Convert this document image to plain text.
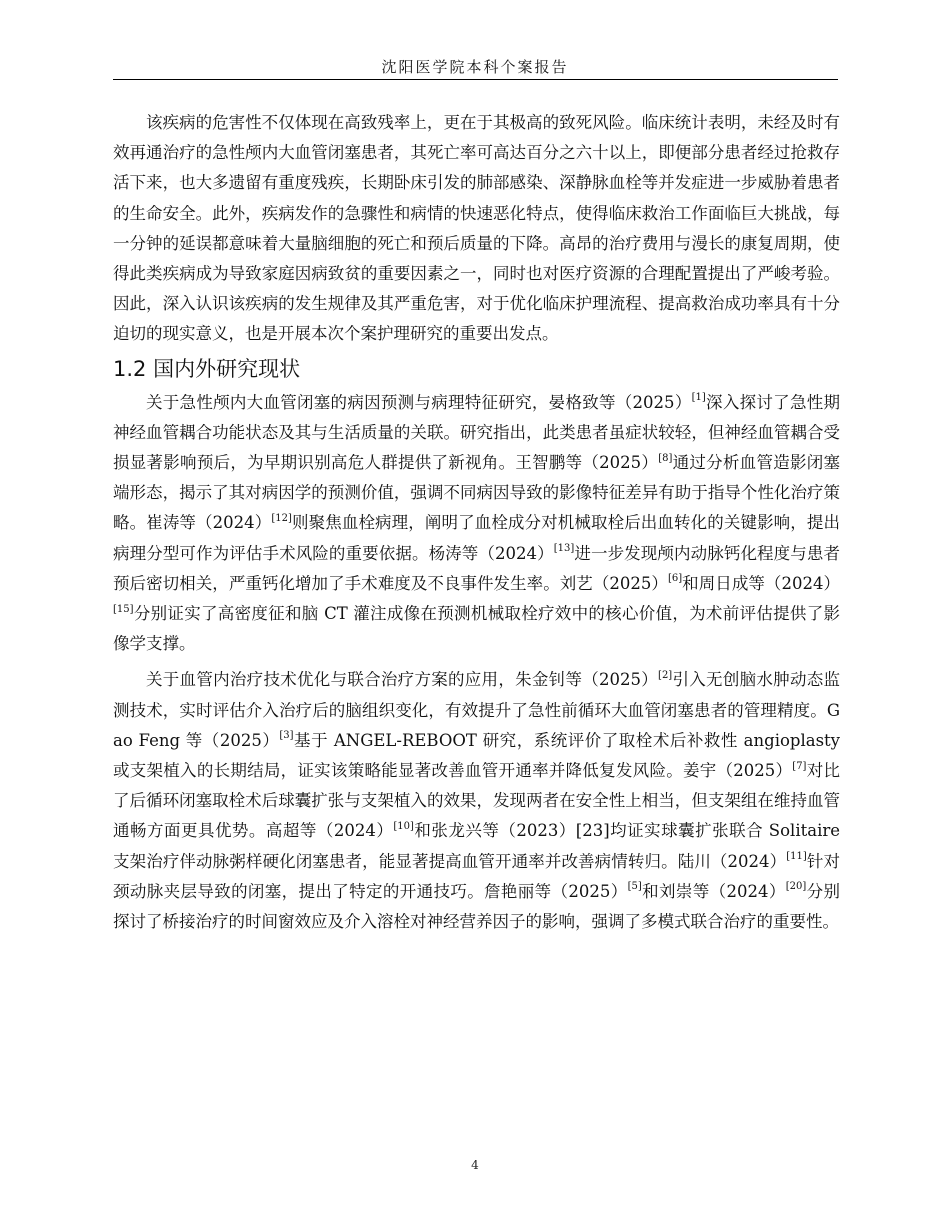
沈阳医学院本科个案报告

该疾病的危害性不仅体现在高致残率上，更在于其极高的致死风险。临床统计表明，未经及时有效再通治疗的急性颅内大血管闭塞患者，其死亡率可高达百分之六十以上，即便部分患者经过抢救存活下来，也大多遗留有重度残疾，长期卧床引发的肺部感染、深静脉血栓等并发症进一步威胁着患者的生命安全。此外，疾病发作的急骤性和病情的快速恶化特点，使得临床救治工作面临巨大挑战，每一分钟的延误都意味着大量脑细胞的死亡和预后质量的下降。高昂的治疗费用与漫长的康复周期，使得此类疾病成为导致家庭因病致贫的重要因素之一，同时也对医疗资源的合理配置提出了严峻考验。因此，深入认识该疾病的发生规律及其严重危害，对于优化临床护理流程、提高救治成功率具有十分迫切的现实意义，也是开展本次个案护理研究的重要出发点。

1.2 国内外研究现状

关于急性颅内大血管闭塞的病因预测与病理特征研究，晏格致等（2025）[1]深入探讨了急性期神经血管耦合功能状态及其与生活质量的关联。研究指出，此类患者虽症状较轻，但神经血管耦合受损显著影响预后，为早期识别高危人群提供了新视角。王智鹏等（2025）[8]通过分析血管造影闭塞端形态，揭示了其对病因学的预测价值，强调不同病因导致的影像特征差异有助于指导个性化治疗策略。崔涛等（2024）[12]则聚焦血栓病理，阐明了血栓成分对机械取栓后出血转化的关键影响，提出病理分型可作为评估手术风险的重要依据。杨涛等（2024）[13]进一步发现颅内动脉钙化程度与患者预后密切相关，严重钙化增加了手术难度及不良事件发生率。刘艺（2025）[6]和周日成等（2024）[15]分别证实了高密度征和脑 CT 灌注成像在预测机械取栓疗效中的核心价值，为术前评估提供了影像学支撑。

关于血管内治疗技术优化与联合治疗方案的应用，朱金钊等（2025）[2]引入无创脑水肿动态监测技术，实时评估介入治疗后的脑组织变化，有效提升了急性前循环大血管闭塞患者的管理精度。Gao Feng 等（2025）[3]基于 ANGEL-REBOOT 研究，系统评价了取栓术后补救性 angioplasty 或支架植入的长期结局，证实该策略能显著改善血管开通率并降低复发风险。姜宇（2025）[7]对比了后循环闭塞取栓术后球囊扩张与支架植入的效果，发现两者在安全性上相当，但支架组在维持血管通畅方面更具优势。高超等（2024）[10]和张龙兴等（2023）[23]均证实球囊扩张联合 Solitaire 支架治疗伴动脉粥样硬化闭塞患者，能显著提高血管开通率并改善病情转归。陆川（2024）[11]针对颈动脉夹层导致的闭塞，提出了特定的开通技巧。詹艳丽等（2025）[5]和刘崇等（2024）[20]分别探讨了桥接治疗的时间窗效应及介入溶栓对神经营养因子的影响，强调了多模式联合治疗的重要性。

4
